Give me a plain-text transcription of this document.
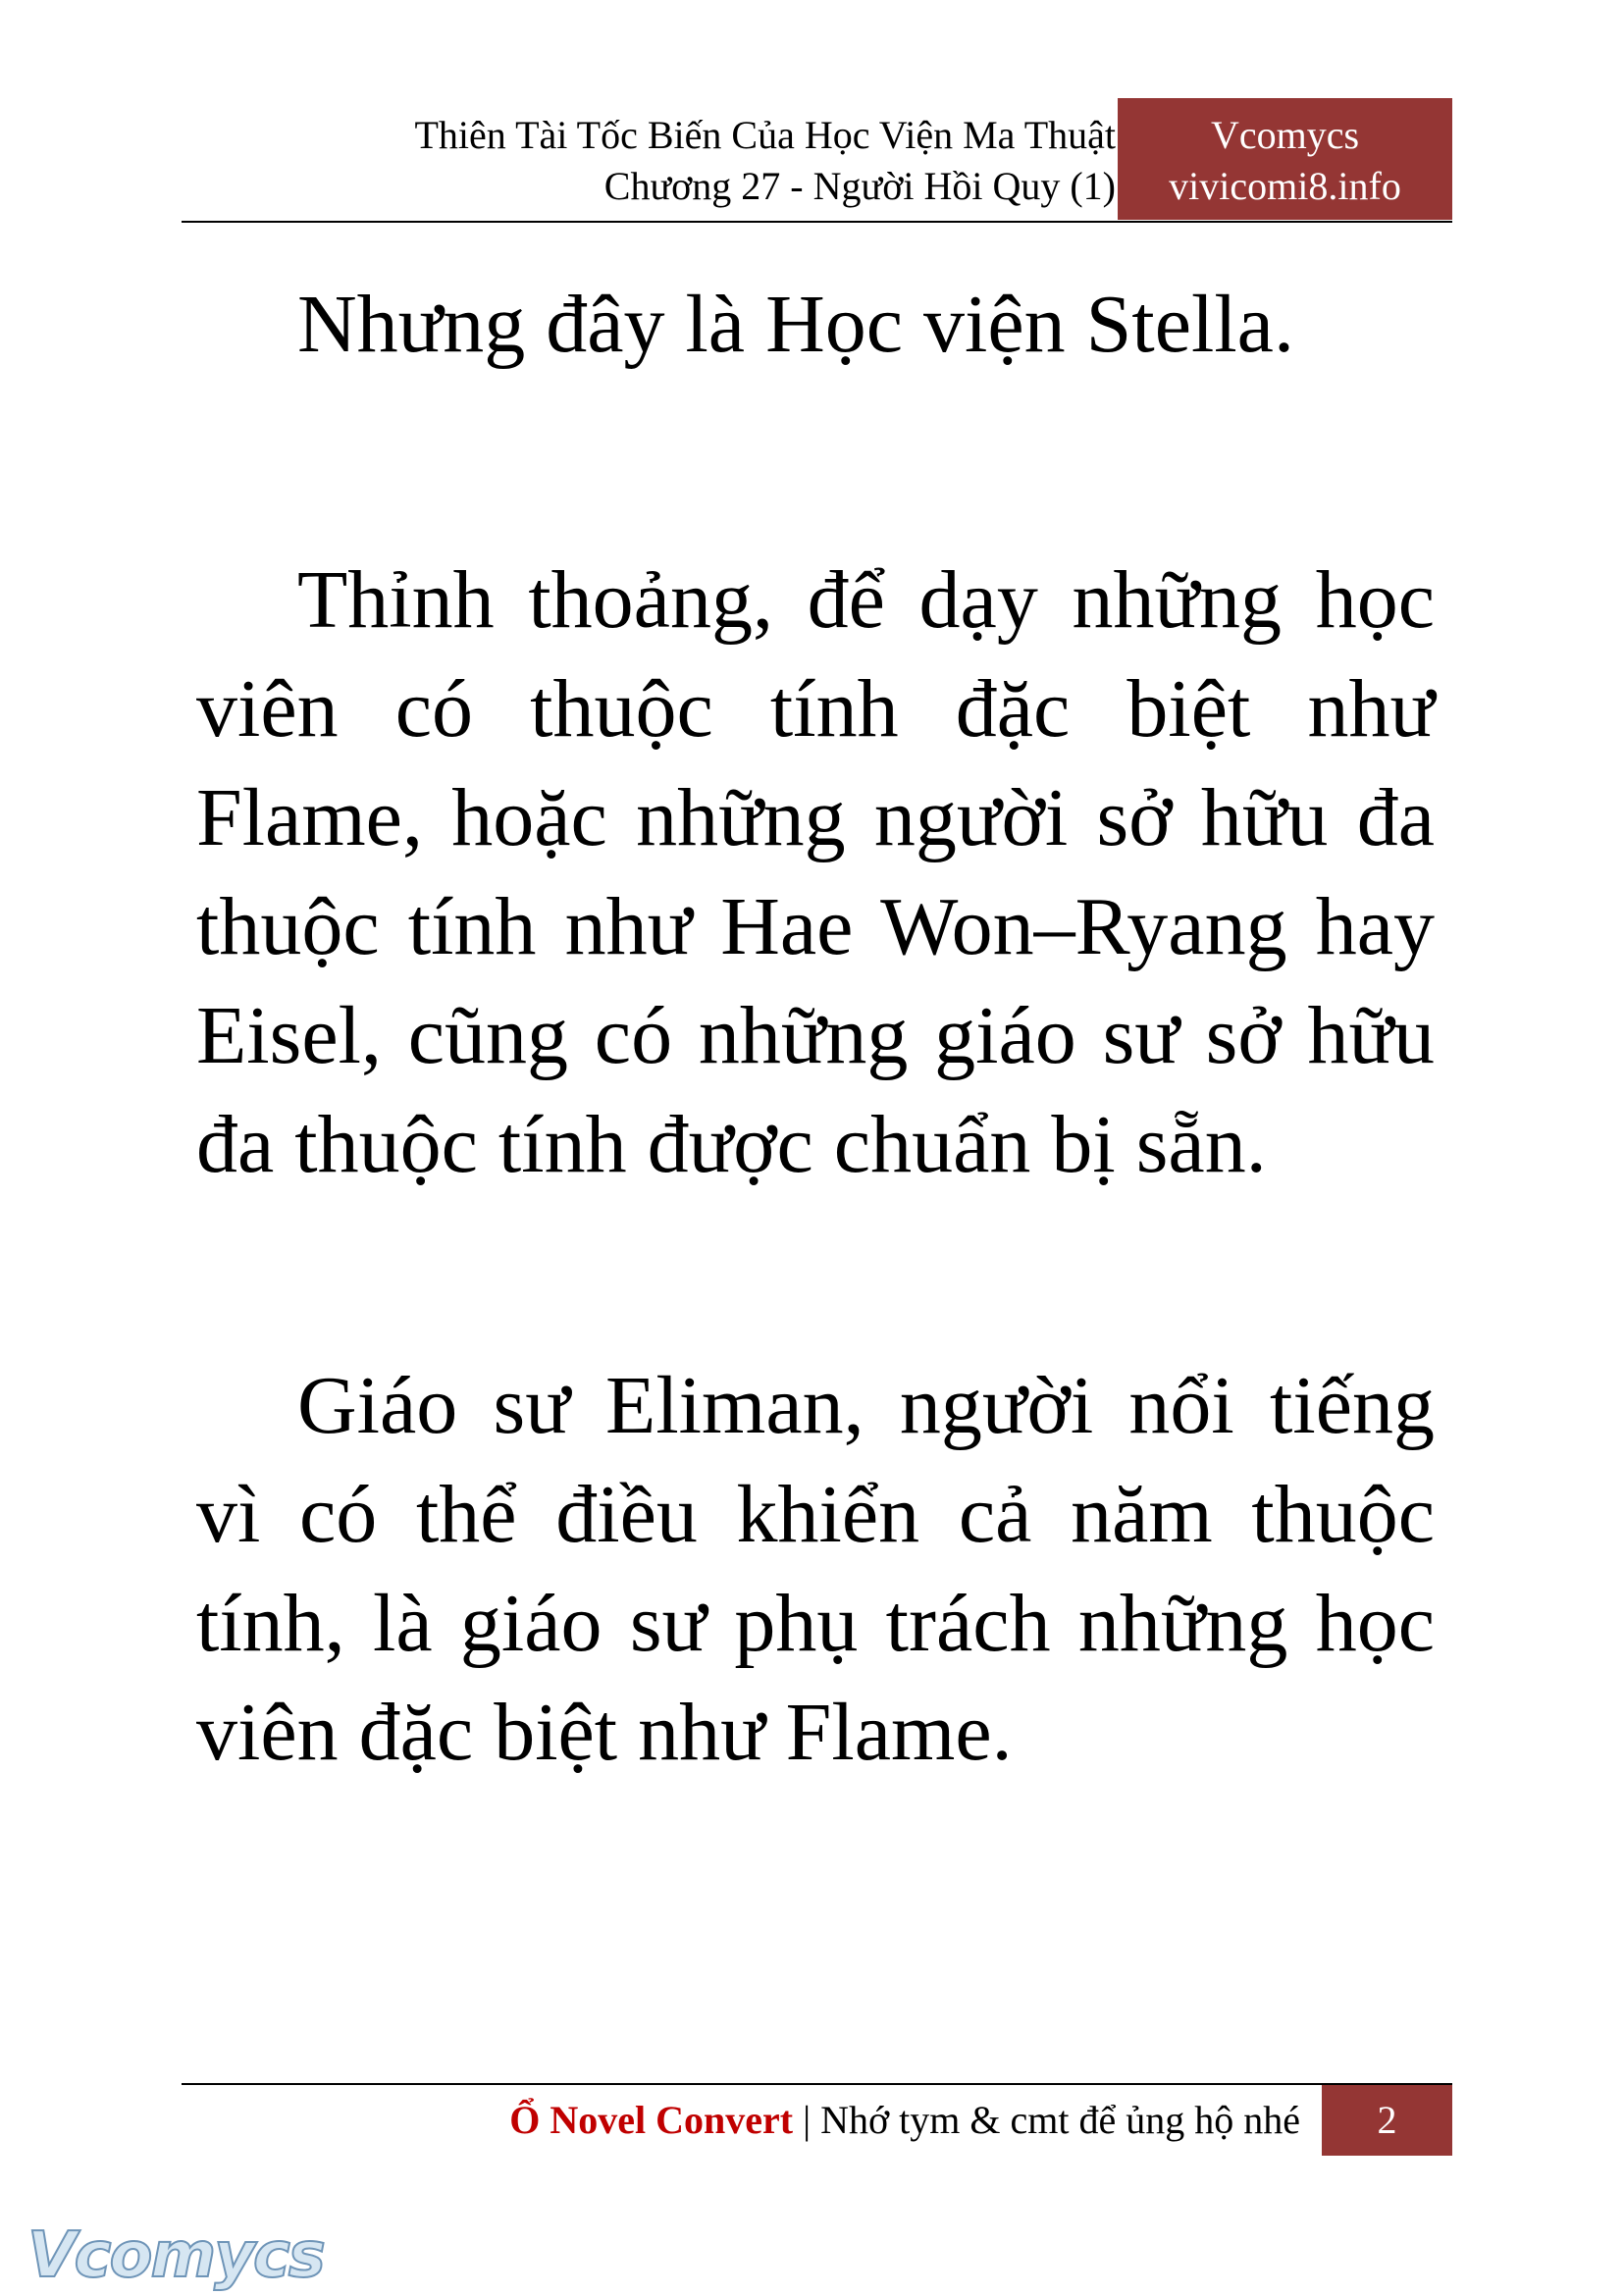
Thiên Tài Tốc Biến Của Học Viện Ma Thuật
Chương 27 - Người Hồi Quy (1)
Vcomycs
vivicomi8.info

Nhưng đây là Học viện Stella.

Thỉnh thoảng, để dạy những học viên có thuộc tính đặc biệt như Flame, hoặc những người sở hữu đa thuộc tính như Hae Won–Ryang hay Eisel, cũng có những giáo sư sở hữu đa thuộc tính được chuẩn bị sẵn.

Giáo sư Eliman, người nổi tiếng vì có thể điều khiển cả năm thuộc tính, là giáo sư phụ trách những học viên đặc biệt như Flame.

Ổ Novel Convert | Nhớ tym & cmt để ủng hộ nhé	2
Vcomycs
